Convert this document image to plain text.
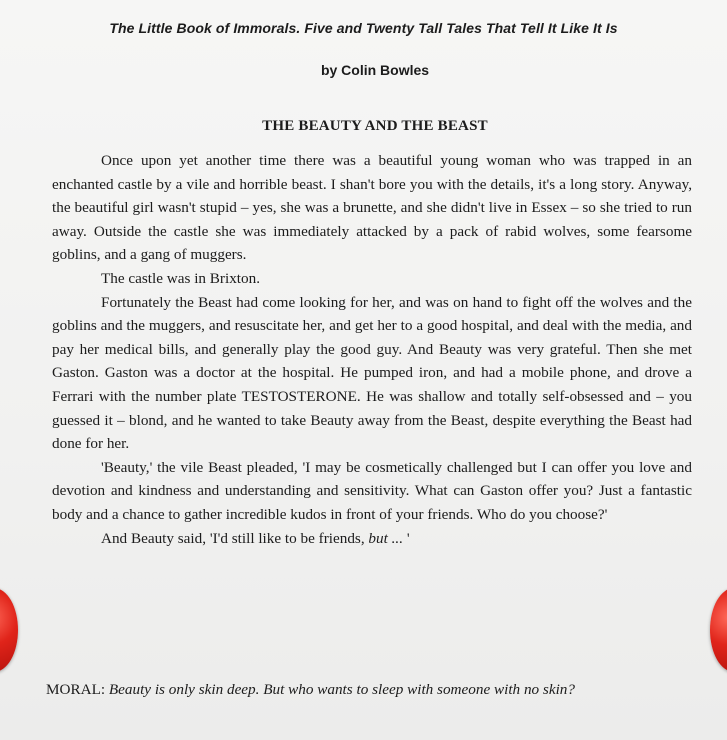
The Little Book of Immorals. Five and Twenty Tall Tales That Tell It Like It Is
by Colin Bowles
THE BEAUTY AND THE BEAST

Once upon yet another time there was a beautiful young woman who was trapped in an enchanted castle by a vile and horrible beast. I shan't bore you with the details, it's a long story. Anyway, the beautiful girl wasn't stupid – yes, she was a brunette, and she didn't live in Essex – so she tried to run away. Outside the castle she was immediately attacked by a pack of rabid wolves, some fearsome goblins, and a gang of muggers.

The castle was in Brixton.

Fortunately the Beast had come looking for her, and was on hand to fight off the wolves and the goblins and the muggers, and resuscitate her, and get her to a good hospital, and deal with the media, and pay her medical bills, and generally play the good guy. And Beauty was very grateful. Then she met Gaston. Gaston was a doctor at the hospital. He pumped iron, and had a mobile phone, and drove a Ferrari with the number plate TESTOSTERONE. He was shallow and totally self-obsessed and – you guessed it – blond, and he wanted to take Beauty away from the Beast, despite everything the Beast had done for her.

'Beauty,' the vile Beast pleaded, 'I may be cosmetically challenged but I can offer you love and devotion and kindness and understanding and sensitivity. What can Gaston offer you? Just a fantastic body and a chance to gather incredible kudos in front of your friends. Who do you choose?'

And Beauty said, 'I'd still like to be friends, but ... '

MORAL: Beauty is only skin deep. But who wants to sleep with someone with no skin?
